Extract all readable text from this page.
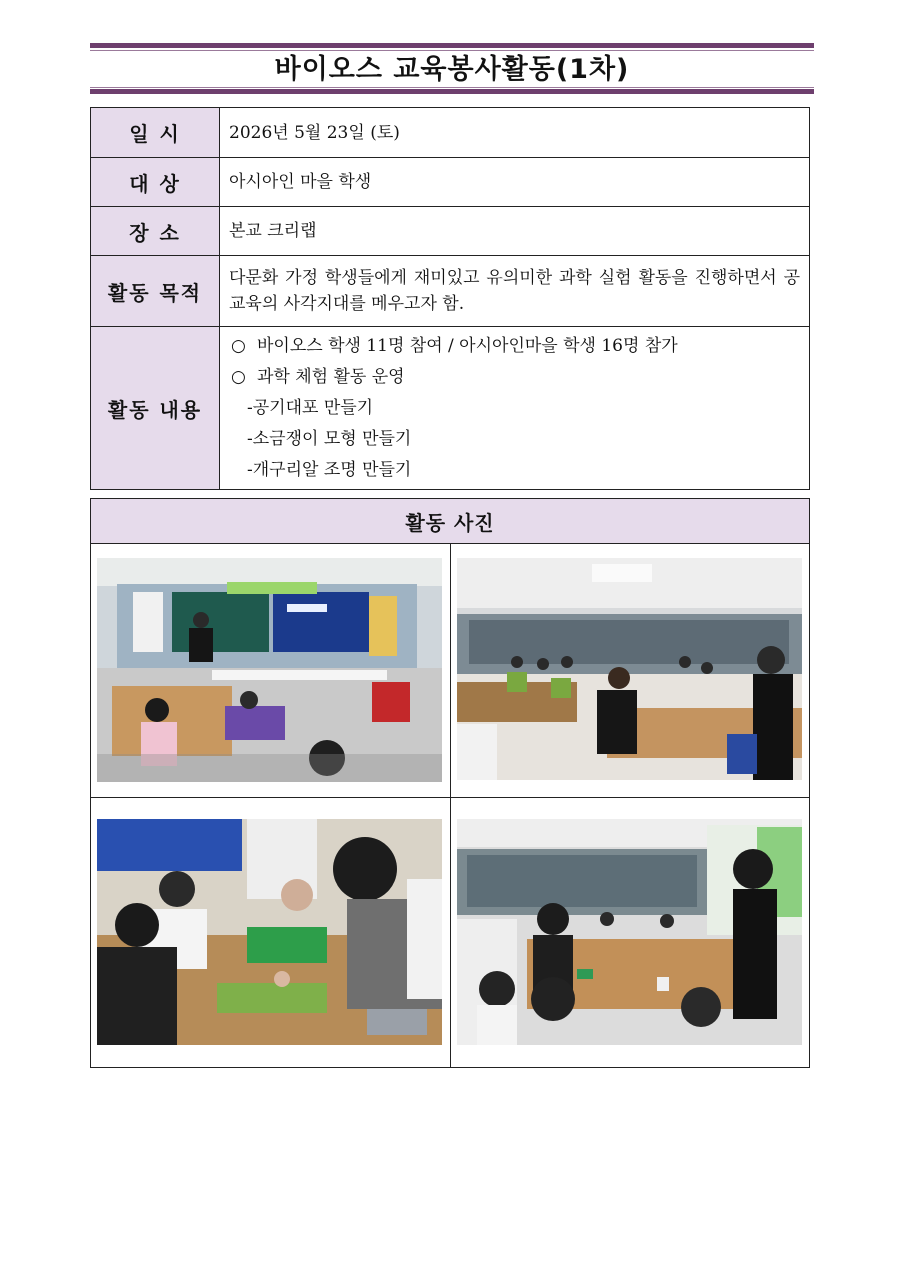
바이오스 교육봉사활동(1차)
일 시	2026년 5월 23일 (토)
대 상	아시아인 마을 학생
장 소	본교 크리랩
활동 목적	다문화 가정 학생들에게 재미있고 유의미한 과학 실험 활동을 진행하면서 공교육의 사각지대를 메우고자 함.
활동 내용	○ 바이오스 학생 11명 참여 / 아시아인마을 학생 16명 참가
○ 과학 체험 활동 운영
-공기대포 만들기
-소금쟁이 모형 만들기
-개구리알 조명 만들기
활동 사진	
